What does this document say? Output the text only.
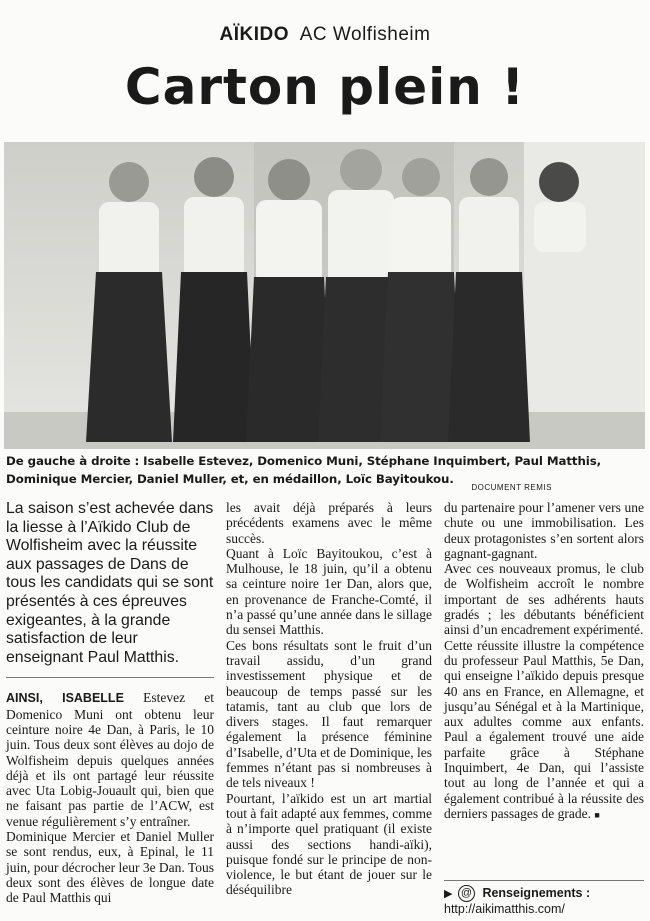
AÏKIDO AC Wolfisheim
Carton plein !
De gauche à droite : Isabelle Estevez, Domenico Muni, Stéphane Inquimbert, Paul Matthis, Dominique Mercier, Daniel Muller, et, en médaillon, Loïc Bayitoukou.
DOCUMENT REMIS

La saison s’est achevée dans la liesse à l’Aïkido Club de Wolfisheim avec la réussite aux passages de Dans de tous les candidats qui se sont présentés à ces épreuves exigeantes, à la grande satisfaction de leur enseignant Paul Matthis.

AINSI, ISABELLE Estevez et Domenico Muni ont obtenu leur ceinture noire 4e Dan, à Paris, le 10 juin. Tous deux sont élèves au dojo de Wolfisheim depuis quelques années déjà et ils ont partagé leur réussite avec Uta Lobig-Jouault qui, bien que ne faisant pas partie de l’ACW, est venue régulièrement s’y entraîner.

Dominique Mercier et Daniel Muller se sont rendus, eux, à Epinal, le 11 juin, pour décrocher leur 3e Dan. Tous deux sont des élèves de longue date de Paul Matthis qui

les avait déjà préparés à leurs précédents examens avec le même succès.

Quant à Loïc Bayitoukou, c’est à Mulhouse, le 18 juin, qu’il a obtenu sa ceinture noire 1er Dan, alors que, en provenance de Franche-Comté, il n’a passé qu’une année dans le sillage du sensei Matthis.

Ces bons résultats sont le fruit d’un travail assidu, d’un grand investissement physique et de beaucoup de temps passé sur les tatamis, tant au club que lors de divers stages. Il faut remarquer également la présence féminine d’Isabelle, d’Uta et de Dominique, les femmes n’étant pas si nombreuses à de tels niveaux !

Pourtant, l’aïkido est un art martial tout à fait adapté aux femmes, comme à n’importe quel pratiquant (il existe aussi des sections handi-aïki), puisque fondé sur le principe de non-violence, le but étant de jouer sur le déséquilibre

du partenaire pour l’amener vers une chute ou une immobilisation. Les deux protagonistes s’en sortent alors gagnant-gagnant.

Avec ces nouveaux promus, le club de Wolfisheim accroît le nombre important de ses adhérents hauts gradés ; les débutants bénéficient ainsi d’un encadrement expérimenté.

Cette réussite illustre la compétence du professeur Paul Matthis, 5e Dan, qui enseigne l’aïkido depuis presque 40 ans en France, en Allemagne, et jusqu’au Sénégal et à la Martinique, aux adultes comme aux enfants. Paul a également trouvé une aide parfaite grâce à Stéphane Inquimbert, 4e Dan, qui l’assiste tout au long de l’année et qui a également contribué à la réussite des derniers passages de grade. ■

▶ @ Renseignements :
http://aikimatthis.com/
